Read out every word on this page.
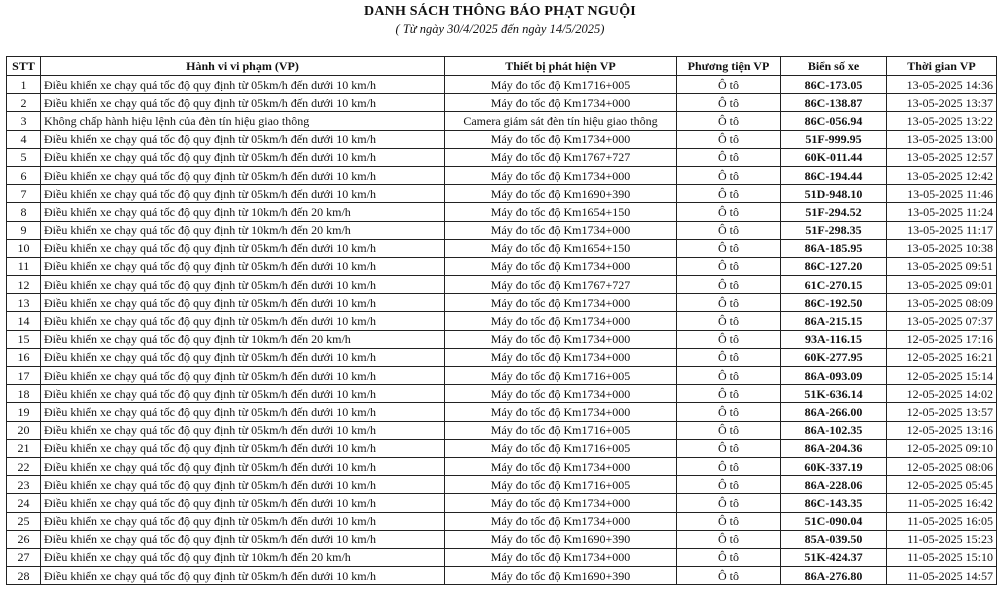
DANH SÁCH THÔNG BÁO PHẠT NGUỘI
( Từ ngày 30/4/2025 đến ngày 14/5/2025)
STT	Hành vi vi phạm (VP)	Thiết bị phát hiện VP	Phương tiện VP	Biển số xe	Thời gian VP
1	Điều khiển xe chạy quá tốc độ quy định từ 05km/h đến dưới 10 km/h	Máy đo tốc độ Km1716+005	Ô tô	86C-173.05	13-05-2025 14:36
2	Điều khiển xe chạy quá tốc độ quy định từ 05km/h đến dưới 10 km/h	Máy đo tốc độ Km1734+000	Ô tô	86C-138.87	13-05-2025 13:37
3	Không chấp hành hiệu lệnh của đèn tín hiệu giao thông	Camera giám sát đèn tín hiệu giao thông	Ô tô	86C-056.94	13-05-2025 13:22
4	Điều khiển xe chạy quá tốc độ quy định từ 05km/h đến dưới 10 km/h	Máy đo tốc độ Km1734+000	Ô tô	51F-999.95	13-05-2025 13:00
5	Điều khiển xe chạy quá tốc độ quy định từ 05km/h đến dưới 10 km/h	Máy đo tốc độ Km1767+727	Ô tô	60K-011.44	13-05-2025 12:57
6	Điều khiển xe chạy quá tốc độ quy định từ 05km/h đến dưới 10 km/h	Máy đo tốc độ Km1734+000	Ô tô	86C-194.44	13-05-2025 12:42
7	Điều khiển xe chạy quá tốc độ quy định từ 05km/h đến dưới 10 km/h	Máy đo tốc độ Km1690+390	Ô tô	51D-948.10	13-05-2025 11:46
8	Điều khiển xe chạy quá tốc độ quy định từ 10km/h đến 20 km/h	Máy đo tốc độ Km1654+150	Ô tô	51F-294.52	13-05-2025 11:24
9	Điều khiển xe chạy quá tốc độ quy định từ 10km/h đến 20 km/h	Máy đo tốc độ Km1734+000	Ô tô	51F-298.35	13-05-2025 11:17
10	Điều khiển xe chạy quá tốc độ quy định từ 05km/h đến dưới 10 km/h	Máy đo tốc độ Km1654+150	Ô tô	86A-185.95	13-05-2025 10:38
11	Điều khiển xe chạy quá tốc độ quy định từ 05km/h đến dưới 10 km/h	Máy đo tốc độ Km1734+000	Ô tô	86C-127.20	13-05-2025 09:51
12	Điều khiển xe chạy quá tốc độ quy định từ 05km/h đến dưới 10 km/h	Máy đo tốc độ Km1767+727	Ô tô	61C-270.15	13-05-2025 09:01
13	Điều khiển xe chạy quá tốc độ quy định từ 05km/h đến dưới 10 km/h	Máy đo tốc độ Km1734+000	Ô tô	86C-192.50	13-05-2025 08:09
14	Điều khiển xe chạy quá tốc độ quy định từ 05km/h đến dưới 10 km/h	Máy đo tốc độ Km1734+000	Ô tô	86A-215.15	13-05-2025 07:37
15	Điều khiển xe chạy quá tốc độ quy định từ 10km/h đến 20 km/h	Máy đo tốc độ Km1734+000	Ô tô	93A-116.15	12-05-2025 17:16
16	Điều khiển xe chạy quá tốc độ quy định từ 05km/h đến dưới 10 km/h	Máy đo tốc độ Km1734+000	Ô tô	60K-277.95	12-05-2025 16:21
17	Điều khiển xe chạy quá tốc độ quy định từ 05km/h đến dưới 10 km/h	Máy đo tốc độ Km1716+005	Ô tô	86A-093.09	12-05-2025 15:14
18	Điều khiển xe chạy quá tốc độ quy định từ 05km/h đến dưới 10 km/h	Máy đo tốc độ Km1734+000	Ô tô	51K-636.14	12-05-2025 14:02
19	Điều khiển xe chạy quá tốc độ quy định từ 05km/h đến dưới 10 km/h	Máy đo tốc độ Km1734+000	Ô tô	86A-266.00	12-05-2025 13:57
20	Điều khiển xe chạy quá tốc độ quy định từ 05km/h đến dưới 10 km/h	Máy đo tốc độ Km1716+005	Ô tô	86A-102.35	12-05-2025 13:16
21	Điều khiển xe chạy quá tốc độ quy định từ 05km/h đến dưới 10 km/h	Máy đo tốc độ Km1716+005	Ô tô	86A-204.36	12-05-2025 09:10
22	Điều khiển xe chạy quá tốc độ quy định từ 05km/h đến dưới 10 km/h	Máy đo tốc độ Km1734+000	Ô tô	60K-337.19	12-05-2025 08:06
23	Điều khiển xe chạy quá tốc độ quy định từ 05km/h đến dưới 10 km/h	Máy đo tốc độ Km1716+005	Ô tô	86A-228.06	12-05-2025 05:45
24	Điều khiển xe chạy quá tốc độ quy định từ 05km/h đến dưới 10 km/h	Máy đo tốc độ Km1734+000	Ô tô	86C-143.35	11-05-2025 16:42
25	Điều khiển xe chạy quá tốc độ quy định từ 05km/h đến dưới 10 km/h	Máy đo tốc độ Km1734+000	Ô tô	51C-090.04	11-05-2025 16:05
26	Điều khiển xe chạy quá tốc độ quy định từ 05km/h đến dưới 10 km/h	Máy đo tốc độ Km1690+390	Ô tô	85A-039.50	11-05-2025 15:23
27	Điều khiển xe chạy quá tốc độ quy định từ 10km/h đến 20 km/h	Máy đo tốc độ Km1734+000	Ô tô	51K-424.37	11-05-2025 15:10
28	Điều khiển xe chạy quá tốc độ quy định từ 05km/h đến dưới 10 km/h	Máy đo tốc độ Km1690+390	Ô tô	86A-276.80	11-05-2025 14:57
